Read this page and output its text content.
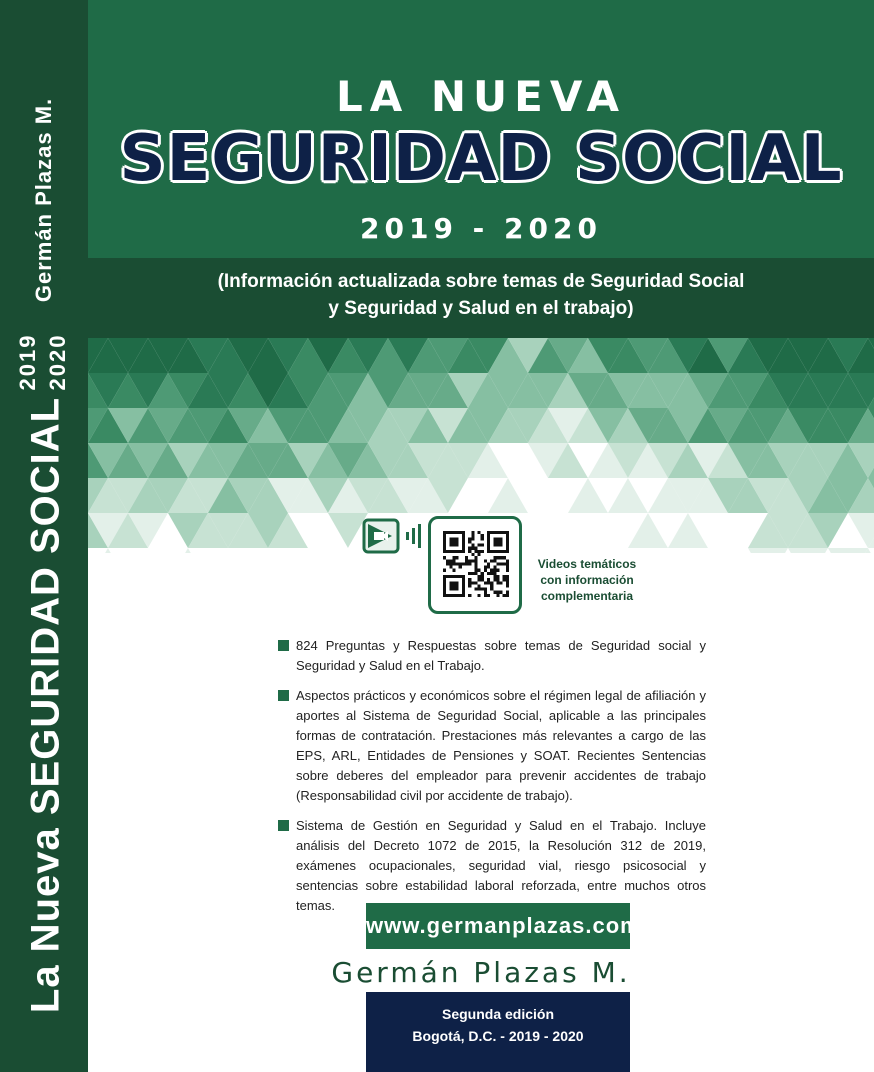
Germán Plazas M.
2019 2020
La Nueva SEGURIDAD SOCIAL
LA NUEVA
SEGURIDAD SOCIAL
2019 - 2020
(Información actualizada sobre temas de Seguridad Social
y Seguridad y Salud en el trabajo)
Videos temáticos
con información
complementaria
824 Preguntas y Respuestas sobre temas de Seguridad social y Seguridad y Salud en el Trabajo.
Aspectos prácticos y económicos sobre el régimen legal de afiliación y aportes al Sistema de Seguridad Social, aplicable a las principales formas de contratación. Prestaciones más relevantes a cargo de las EPS, ARL, Entidades de Pensiones y SOAT. Recientes Sentencias sobre deberes del empleador para prevenir accidentes de trabajo (Responsabilidad civil por accidente de trabajo).
Sistema de Gestión en Seguridad y Salud en el Trabajo. Incluye análisis del Decreto 1072 de 2015, la Resolución 312 de 2019, exámenes ocupacionales, seguridad vial, riesgo psicosocial y sentencias sobre estabilidad laboral reforzada, entre muchos otros temas.
www.germanplazas.com
Germán Plazas M.
Segunda edición
Bogotá, D.C. - 2019 - 2020
